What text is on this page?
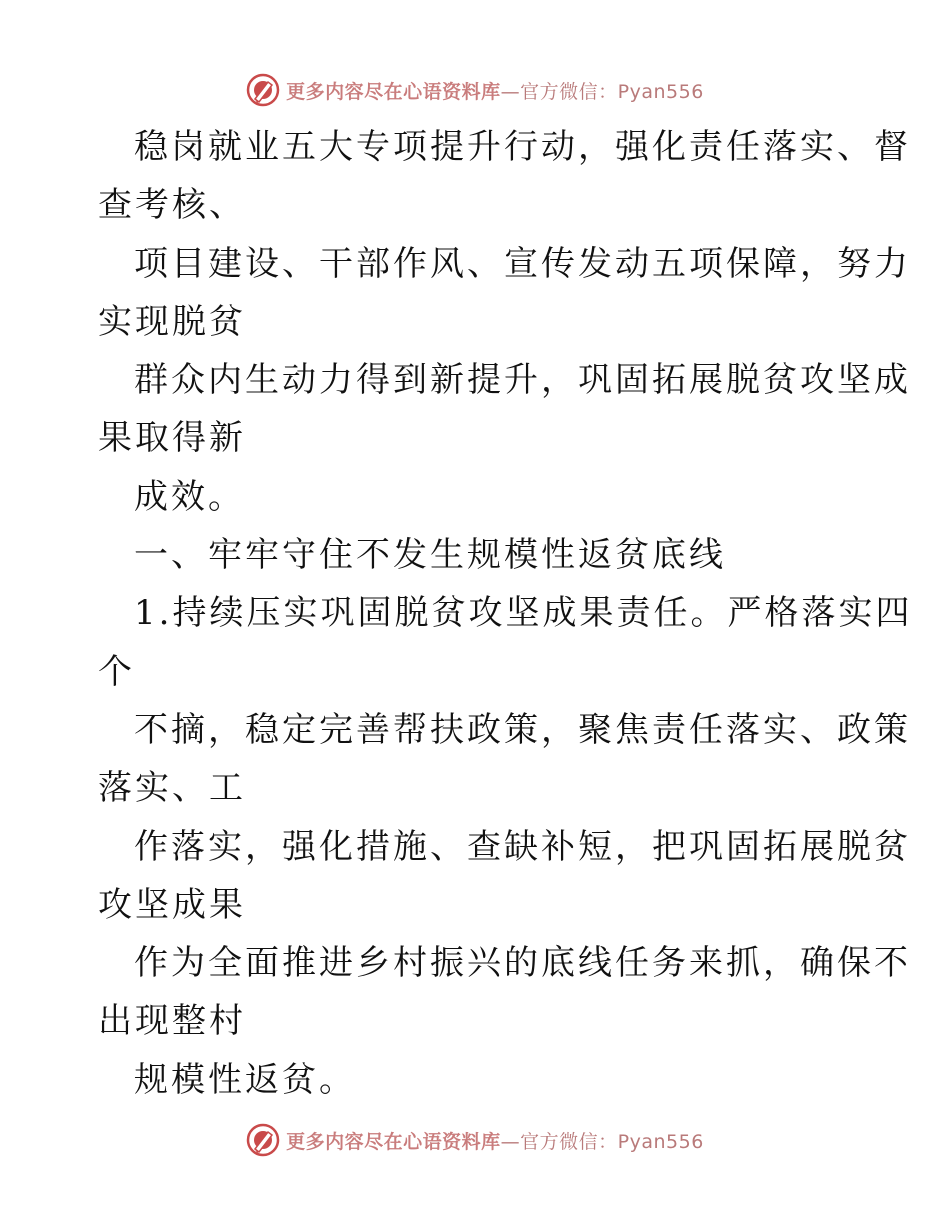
更多内容尽在心语资料库—官方微信：Pyan556
稳岗就业五大专项提升行动，强化责任落实、督
查考核、
项目建设、干部作风、宣传发动五项保障，努力
实现脱贫
群众内生动力得到新提升，巩固拓展脱贫攻坚成
果取得新
成效。
一、牢牢守住不发生规模性返贫底线
1.持续压实巩固脱贫攻坚成果责任。严格落实四
个
不摘，稳定完善帮扶政策，聚焦责任落实、政策
落实、工
作落实，强化措施、查缺补短，把巩固拓展脱贫
攻坚成果
作为全面推进乡村振兴的底线任务来抓，确保不
出现整村
规模性返贫。
更多内容尽在心语资料库—官方微信：Pyan556
